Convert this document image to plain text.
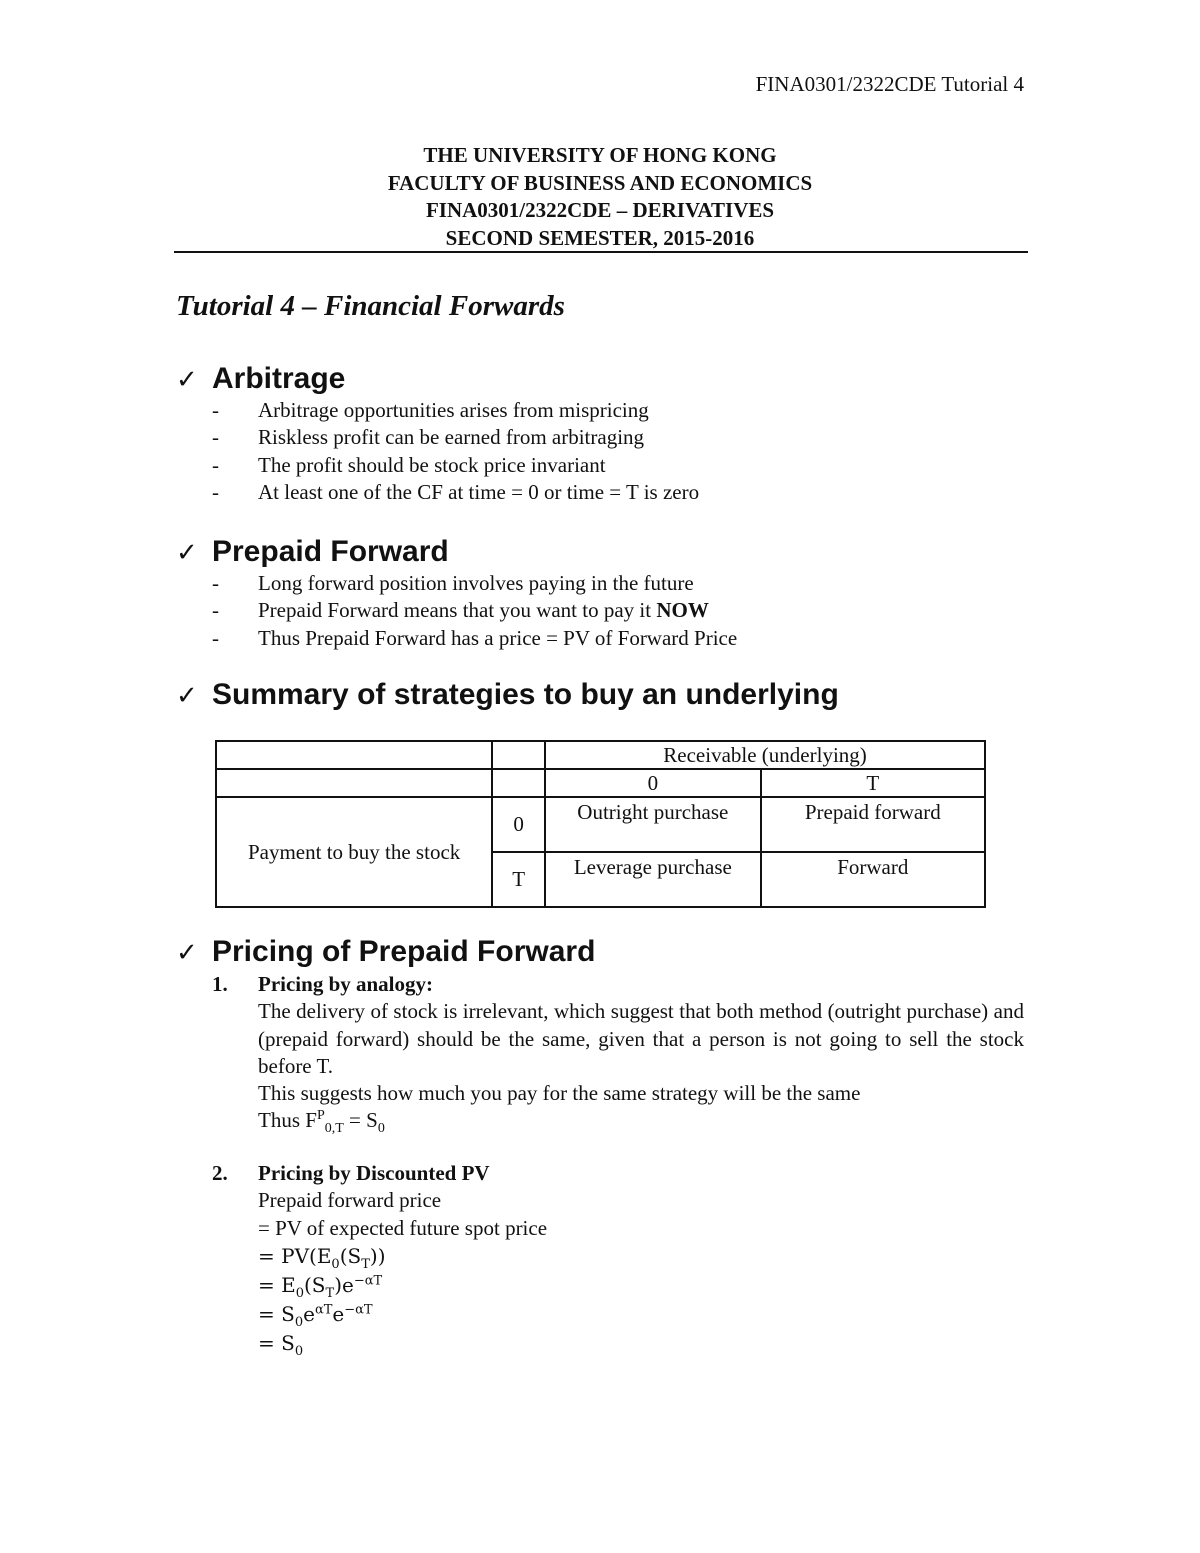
FINA0301/2322CDE Tutorial 4
THE UNIVERSITY OF HONG KONG
FACULTY OF BUSINESS AND ECONOMICS
FINA0301/2322CDE – DERIVATIVES
SECOND SEMESTER, 2015-2016
Tutorial 4 – Financial Forwards
✓ Arbitrage
- Arbitrage opportunities arises from mispricing
- Riskless profit can be earned from arbitraging
- The profit should be stock price invariant
- At least one of the CF at time = 0 or time = T is zero
✓ Prepaid Forward
- Long forward position involves paying in the future
- Prepaid Forward means that you want to pay it NOW
- Thus Prepaid Forward has a price = PV of Forward Price
✓ Summary of strategies to buy an underlying
		Receivable (underlying)	
		0	T
Payment to buy the stock	0	Outright purchase	Prepaid forward
	T	Leverage purchase	Forward
✓ Pricing of Prepaid Forward
1. Pricing by analogy:
The delivery of stock is irrelevant, which suggest that both method (outright purchase) and (prepaid forward) should be the same, given that a person is not going to sell the stock before T.
This suggests how much you pay for the same strategy will be the same
Thus $F^P_{0,T} = S_0$
2. Pricing by Discounted PV
Prepaid forward price
= PV of expected future spot price
= $PV(E_0(S_T))$
= $E_0(S_T)e^{-\alpha T}$
= $S_0e^{\alpha T}e^{-\alpha T}$
= $S_0$
